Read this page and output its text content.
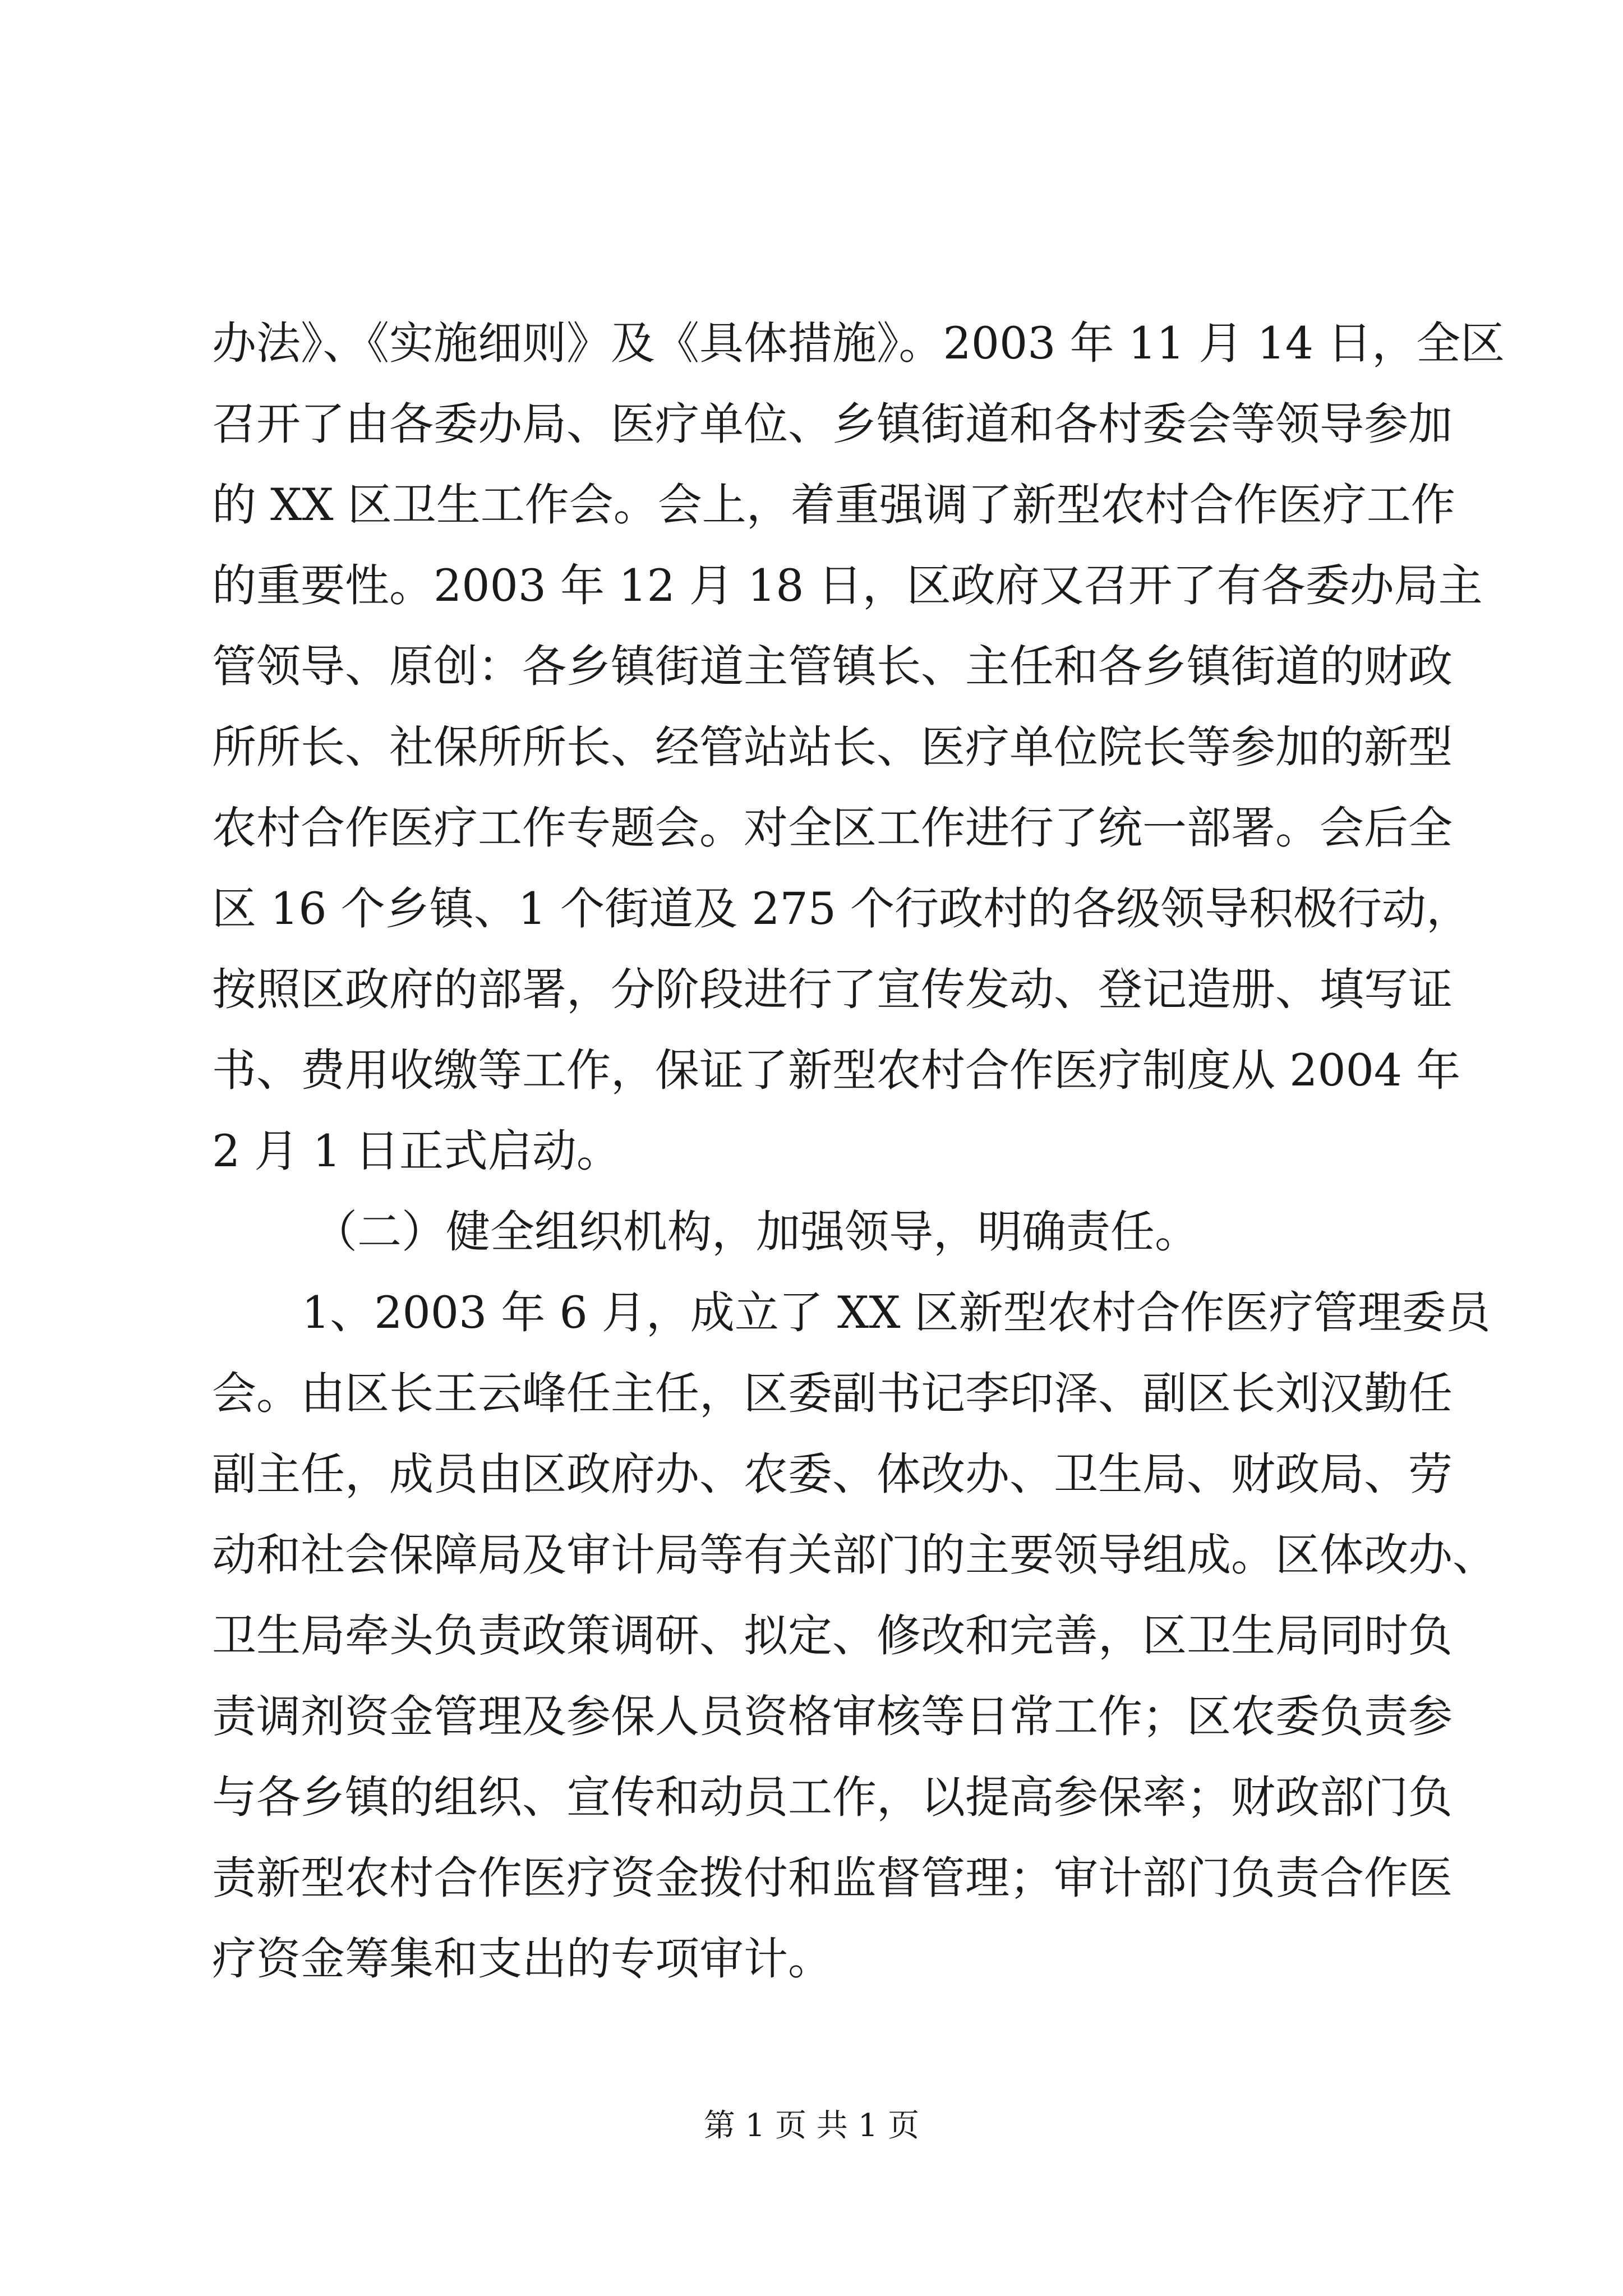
办法》、《实施细则》及《具体措施》。2003 年 11 月 14 日，全区
召开了由各委办局、医疗单位、乡镇街道和各村委会等领导参加
的 XX 区卫生工作会。会上，着重强调了新型农村合作医疗工作
的重要性。2003 年 12 月 18 日，区政府又召开了有各委办局主
管领导、原创：各乡镇街道主管镇长、主任和各乡镇街道的财政
所所长、社保所所长、经管站站长、医疗单位院长等参加的新型
农村合作医疗工作专题会。对全区工作进行了统一部署。会后全
区 16 个乡镇、1 个街道及 275 个行政村的各级领导积极行动，
按照区政府的部署，分阶段进行了宣传发动、登记造册、填写证
书、费用收缴等工作，保证了新型农村合作医疗制度从 2004 年
2 月 1 日正式启动。
（二）健全组织机构，加强领导，明确责任。
1、2003 年 6 月，成立了 XX 区新型农村合作医疗管理委员
会。由区长王云峰任主任，区委副书记李印泽、副区长刘汉勤任
副主任，成员由区政府办、农委、体改办、卫生局、财政局、劳
动和社会保障局及审计局等有关部门的主要领导组成。区体改办、
卫生局牵头负责政策调研、拟定、修改和完善，区卫生局同时负
责调剂资金管理及参保人员资格审核等日常工作；区农委负责参
与各乡镇的组织、宣传和动员工作，以提高参保率；财政部门负
责新型农村合作医疗资金拨付和监督管理；审计部门负责合作医
疗资金筹集和支出的专项审计。
第 1 页 共 1 页
